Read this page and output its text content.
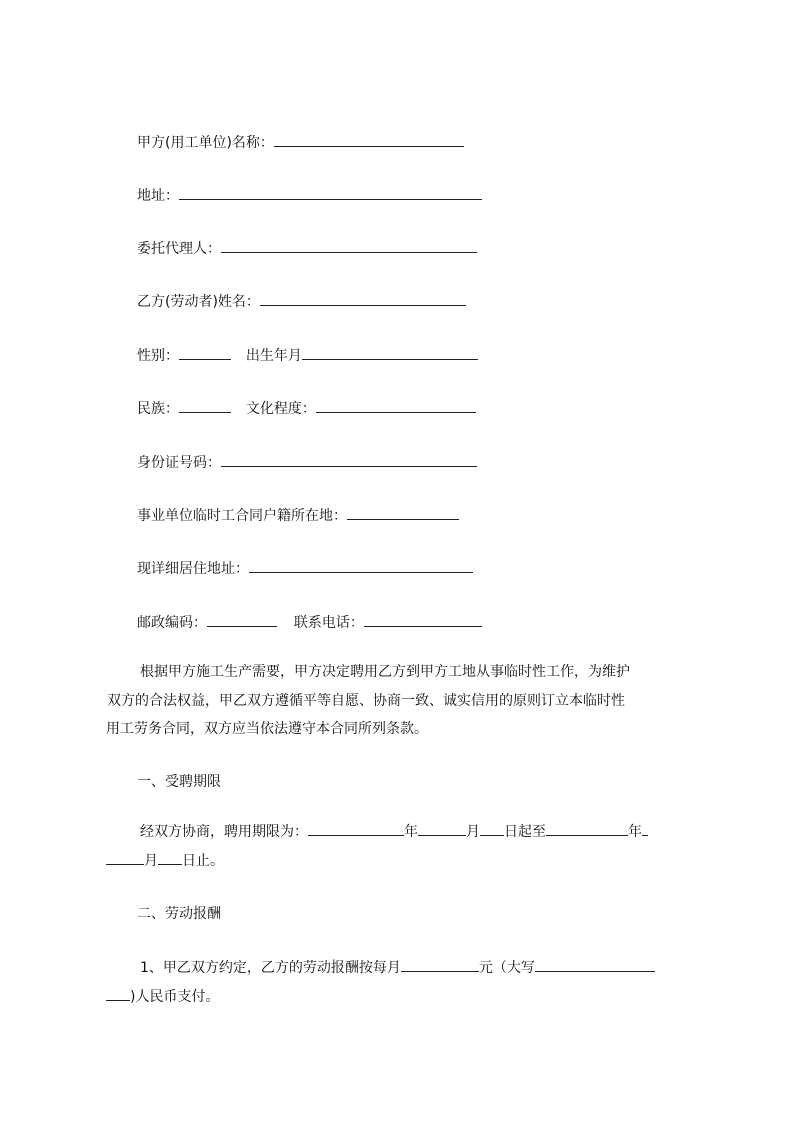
甲方(用工单位)名称：
地址：
委托代理人：
乙方(劳动者)姓名：
性别：	出生年月
民族：	文化程度：
身份证号码：
事业单位临时工合同户籍所在地：
现详细居住地址：
邮政编码：	联系电话：
根据甲方施工生产需要，甲方决定聘用乙方到甲方工地从事临时性工作，为维护
双方的合法权益，甲乙双方遵循平等自愿、协商一致、诚实信用的原则订立本临时性
用工劳务合同，双方应当依法遵守本合同所列条款。
一、受聘期限
经双方协商，聘用期限为：	年	月 日起至	年
月 日止。
二、劳动报酬
1、甲乙双方约定，乙方的劳动报酬按每月	元（大写
)人民币支付。
